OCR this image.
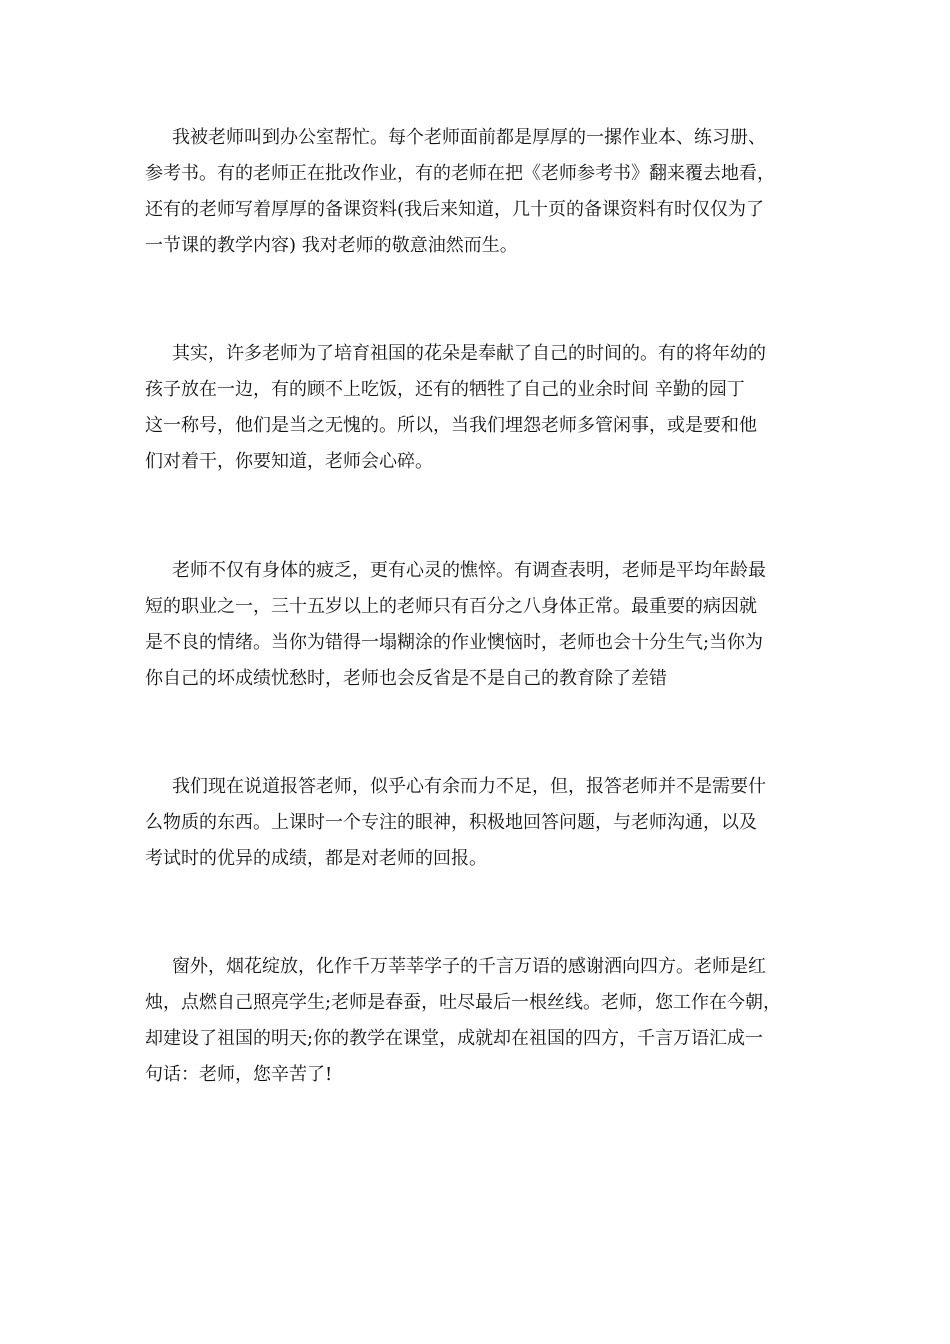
我被老师叫到办公室帮忙。每个老师面前都是厚厚的一摞作业本、练习册、
参考书。有的老师正在批改作业，有的老师在把《老师参考书》翻来覆去地看，
还有的老师写着厚厚的备课资料(我后来知道，几十页的备课资料有时仅仅为了
一节课的教学内容) 我对老师的敬意油然而生。
其实，许多老师为了培育祖国的花朵是奉献了自己的时间的。有的将年幼的
孩子放在一边，有的顾不上吃饭，还有的牺牲了自己的业余时间 辛勤的园丁
这一称号，他们是当之无愧的。所以，当我们埋怨老师多管闲事，或是要和他
们对着干，你要知道，老师会心碎。
老师不仅有身体的疲乏，更有心灵的憔悴。有调查表明，老师是平均年龄最
短的职业之一，三十五岁以上的老师只有百分之八身体正常。最重要的病因就
是不良的情绪。当你为错得一塌糊涂的作业懊恼时，老师也会十分生气;当你为
你自己的坏成绩忧愁时，老师也会反省是不是自己的教育除了差错
我们现在说道报答老师，似乎心有余而力不足，但，报答老师并不是需要什
么物质的东西。上课时一个专注的眼神，积极地回答问题，与老师沟通，以及
考试时的优异的成绩，都是对老师的回报。
窗外，烟花绽放，化作千万莘莘学子的千言万语的感谢洒向四方。老师是红
烛，点燃自己照亮学生;老师是春蚕，吐尽最后一根丝线。老师，您工作在今朝，
却建设了祖国的明天;你的教学在课堂，成就却在祖国的四方，千言万语汇成一
句话：老师，您辛苦了!
